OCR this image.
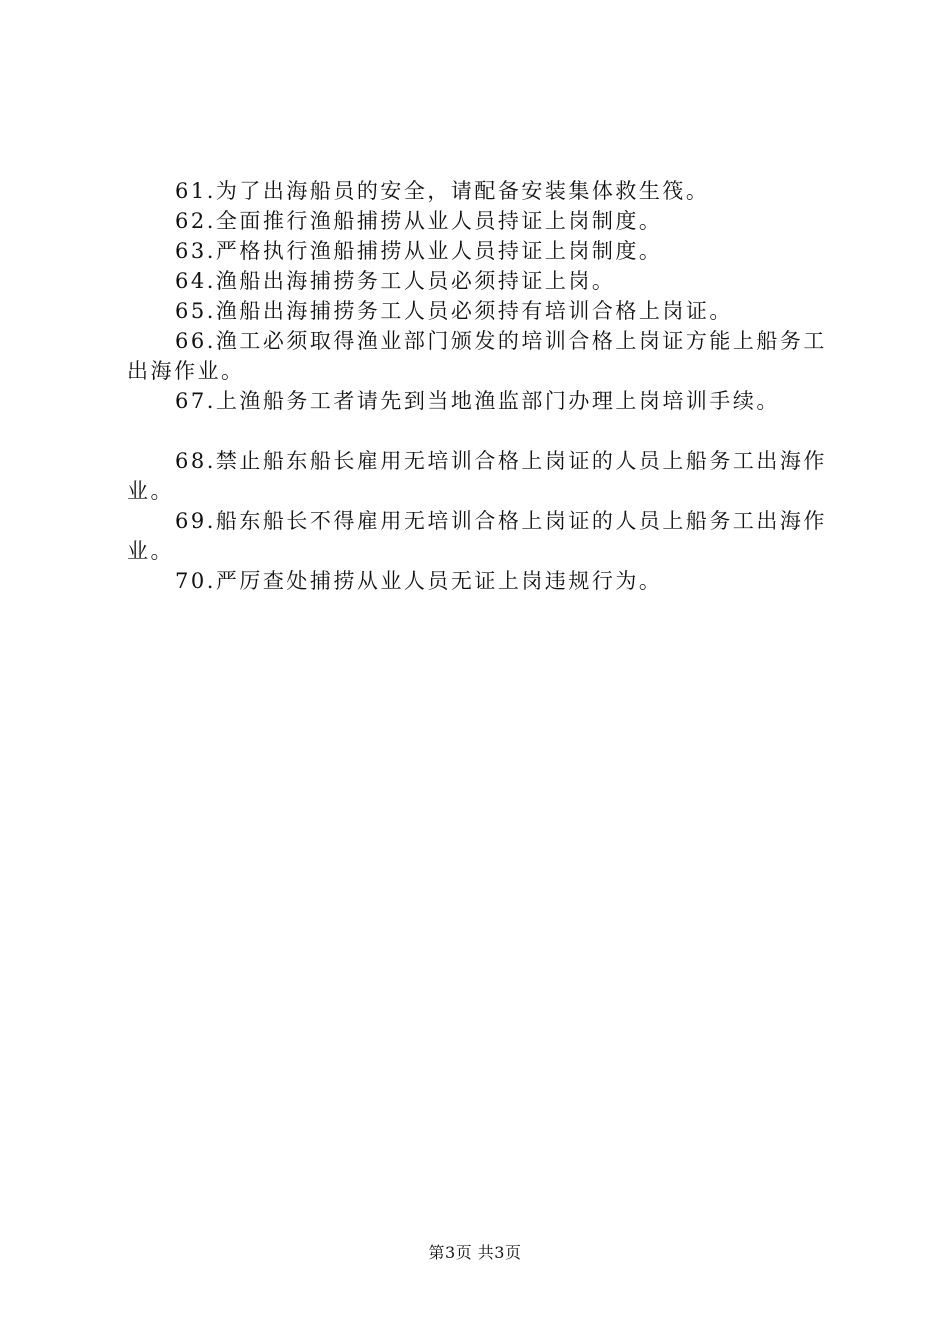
61.为了出海船员的安全，请配备安装集体救生筏。

62.全面推行渔船捕捞从业人员持证上岗制度。

63.严格执行渔船捕捞从业人员持证上岗制度。

64.渔船出海捕捞务工人员必须持证上岗。

65.渔船出海捕捞务工人员必须持有培训合格上岗证。

66.渔工必须取得渔业部门颁发的培训合格上岗证方能上船务工出海作业。

67.上渔船务工者请先到当地渔监部门办理上岗培训手续。

68.禁止船东船长雇用无培训合格上岗证的人员上船务工出海作业。

69.船东船长不得雇用无培训合格上岗证的人员上船务工出海作业。

70.严厉查处捕捞从业人员无证上岗违规行为。

第3页 共3页
